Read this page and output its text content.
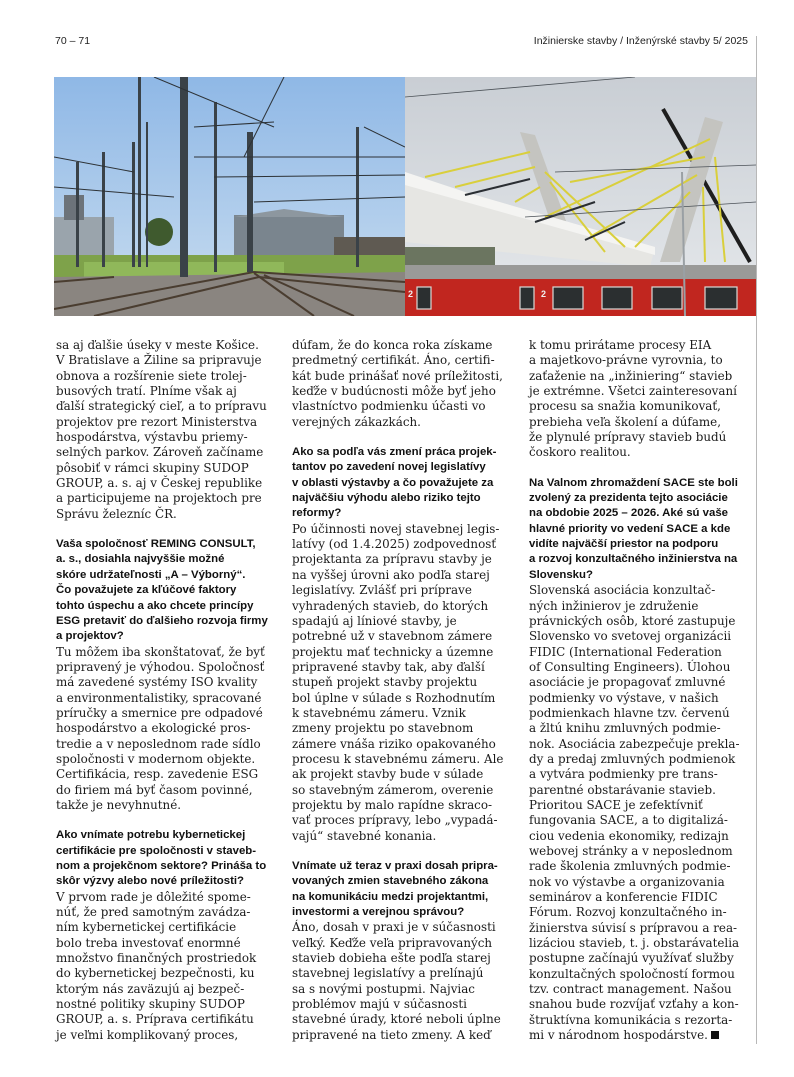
70 – 71	Inžinierske stavby / Inženýrské stavby 5/ 2025
2	2

sa aj ďalšie úseky v meste Košice.
V Bratislave a Žiline sa pripravuje
obnova a rozšírenie siete trolej-
busových tratí. Plníme však aj
ďalší strategický cieľ, a to prípravu
projektov pre rezort Ministerstva
hospodárstva, výstavbu priemy-
selných parkov. Zároveň začíname
pôsobiť v rámci skupiny SUDOP
GROUP, a. s. aj v Českej republike
a participujeme na projektoch pre
Správu železníc ČR.

Vaša spoločnosť REMING CONSULT,
a. s., dosiahla najvyššie možné
skóre udržateľnosti „A – Výborný“.
Čo považujete za kľúčové faktory
tohto úspechu a ako chcete princípy
ESG pretaviť do ďalšieho rozvoja firmy
a projektov?

Tu môžem iba skonštatovať, že byť
pripravený je výhodou. Spoločnosť
má zavedené systémy ISO kvality
a environmentalistiky, spracované
príručky a smernice pre odpadové
hospodárstvo a ekologické pros-
tredie a v neposlednom rade sídlo
spoločnosti v modernom objekte.
Certifikácia, resp. zavedenie ESG
do firiem má byť časom povinné,
takže je nevyhnutné.

Ako vnímate potrebu kybernetickej
certifikácie pre spoločnosti v staveb-
nom a projekčnom sektore? Prináša to
skôr výzvy alebo nové príležitosti?

V prvom rade je dôležité spome-
núť, že pred samotným zavádza-
ním kybernetickej certifikácie
bolo treba investovať enormné
množstvo finančných prostriedok
do kybernetickej bezpečnosti, ku
ktorým nás zaväzujú aj bezpeč-
nostné politiky skupiny SUDOP
GROUP, a. s. Príprava certifikátu
je veľmi komplikovaný proces,

dúfam, že do konca roka získame
predmetný certifikát. Áno, certifi-
kát bude prinášať nové príležitosti,
keďže v budúcnosti môže byť jeho
vlastníctvo podmienku účasti vo
verejných zákazkách.

Ako sa podľa vás zmení práca projek-
tantov po zavedení novej legislatívy
v oblasti výstavby a čo považujete za
najväčšiu výhodu alebo riziko tejto
reformy?

Po účinnosti novej stavebnej legis-
latívy (od 1.4.2025) zodpovednosť
projektanta za prípravu stavby je
na vyššej úrovni ako podľa starej
legislatívy. Zvlášť pri príprave
vyhradených stavieb, do ktorých
spadajú aj líniové stavby, je
potrebné už v stavebnom zámere
projektu mať technicky a územne
pripravené stavby tak, aby ďalší
stupeň projekt stavby projektu
bol úplne v súlade s Rozhodnutím
k stavebnému zámeru. Vznik
zmeny projektu po stavebnom
zámere vnáša riziko opakovaného
procesu k stavebnému zámeru. Ale
ak projekt stavby bude v súlade
so stavebným zámerom, overenie
projektu by malo rapídne skraco-
vať proces prípravy, lebo „vypadá-
vajú“ stavebné konania.

Vnímate už teraz v praxi dosah pripra-
vovaných zmien stavebného zákona
na komunikáciu medzi projektantmi,
investormi a verejnou správou?

Áno, dosah v praxi je v súčasnosti
veľký. Keďže veľa pripravovaných
stavieb dobieha ešte podľa starej
stavebnej legislatívy a prelínajú
sa s novými postupmi. Najviac
problémov majú v súčasnosti
stavebné úrady, ktoré neboli úplne
pripravené na tieto zmeny. A keď

k tomu prirátame procesy EIA
a majetkovo-právne vyrovnia, to
zaťaženie na „inžiniering“ stavieb
je extrémne. Všetci zainteresovaní
procesu sa snažia komunikovať,
prebieha veľa školení a dúfame,
že plynulé prípravy stavieb budú
čoskoro realitou.

Na Valnom zhromaždení SACE ste boli
zvolený za prezidenta tejto asociácie
na obdobie 2025 – 2026. Aké sú vaše
hlavné priority vo vedení SACE a kde
vidíte najväčší priestor na podporu
a rozvoj konzultačného inžinierstva na
Slovensku?

Slovenská asociácia konzultač-
ných inžinierov je združenie
právnických osôb, ktoré zastupuje
Slovensko vo svetovej organizácii
FIDIC (International Federation
of Consulting Engineers). Úlohou
asociácie je propagovať zmluvné
podmienky vo výstave, v našich
podmienkach hlavne tzv. červenú
a žltú knihu zmluvných podmie-
nok. Asociácia zabezpečuje prekla-
dy a predaj zmluvných podmienok
a vytvára podmienky pre trans-
parentné obstarávanie stavieb.
Prioritou SACE je zefektívniť
fungovania SACE, a to digitalizá-
ciou vedenia ekonomiky, redizajn
webovej stránky a v neposlednom
rade školenia zmluvných podmie-
nok vo výstavbe a organizovania
seminárov a konferencie FIDIC
Fórum. Rozvoj konzultačného in-
žinierstva súvisí s prípravou a rea-
lizáciou stavieb, t. j. obstarávatelia
postupne začínajú využívať služby
konzultačných spoločností formou
tzv. contract management. Našou
snahou bude rozvíjať vzťahy a kon-
štruktívna komunikácia s rezorta-
mi v národnom hospodárstve.
